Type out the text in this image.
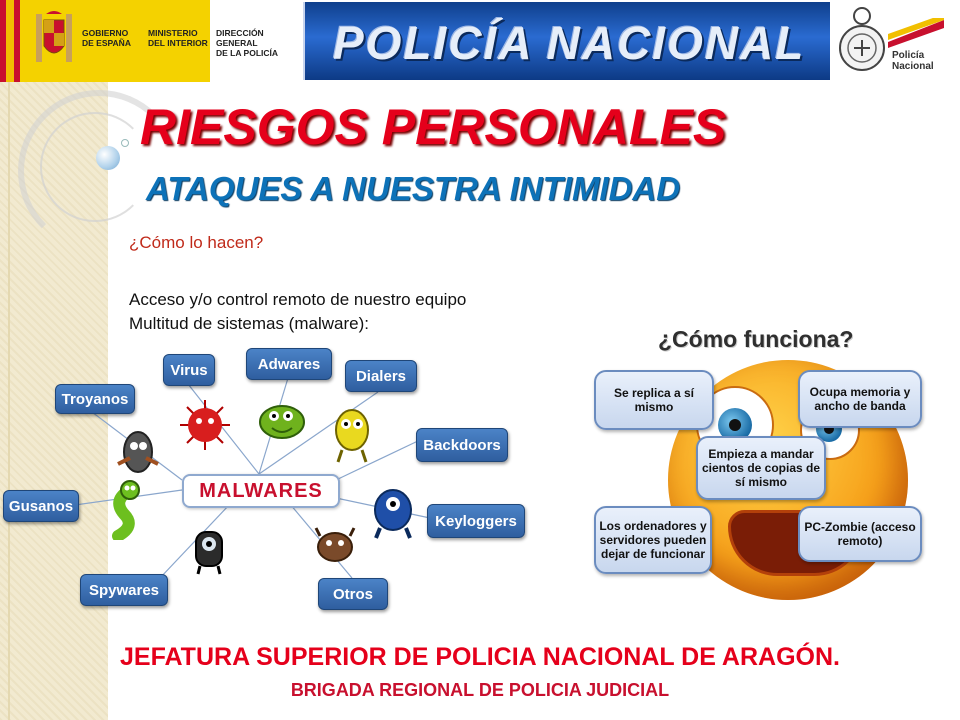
GOBIERNO
DE ESPAÑA
MINISTERIO
DEL INTERIOR
DIRECCIÓN GENERAL
DE LA POLICÍA	POLICÍA NACIONAL	Policía
Nacional
RIESGOS PERSONALES
ATAQUES A NUESTRA INTIMIDAD
¿Cómo lo hacen?
Acceso y/o control remoto de nuestro equipo
Multitud de sistemas (malware):
Virus	Adwares
Dialers
Troyanos
Backdoors
Gusanos
Keyloggers
Spywares	Otros
MALWARES
¿Cómo funciona?
Se replica a sí mismo
Ocupa memoria y ancho de banda
Empieza a mandar cientos de copias de sí mismo
Los ordenadores y servidores pueden dejar de funcionar
PC-Zombie (acceso remoto)
JEFATURA SUPERIOR DE POLICIA NACIONAL DE ARAGÓN.
BRIGADA REGIONAL DE POLICIA JUDICIAL
